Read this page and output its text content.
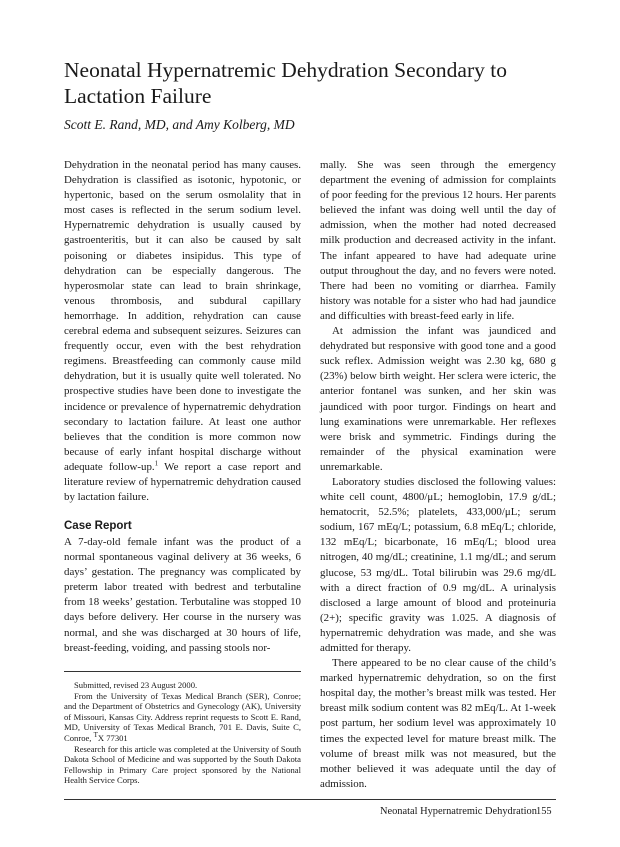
Neonatal Hypernatremic Dehydration Secondary to Lactation Failure
Scott E. Rand, MD, and Amy Kolberg, MD

Dehydration in the neonatal period has many causes. Dehydration is classified as isotonic, hypotonic, or hypertonic, based on the serum osmolality that in most cases is reflected in the serum sodium level. Hypernatremic dehydration is usually caused by gastroenteritis, but it can also be caused by salt poisoning or diabetes insipidus. This type of dehydration can be especially dangerous. The hyperosmolar state can lead to brain shrinkage, venous thrombosis, and subdural capillary hemorrhage. In addition, rehydration can cause cerebral edema and subsequent seizures. Seizures can frequently occur, even with the best rehydration regimens. Breastfeeding can commonly cause mild dehydration, but it is usually quite well tolerated. No prospective studies have been done to investigate the incidence or prevalence of hypernatremic dehydration secondary to lactation failure. At least one author believes that the condition is more common now because of early infant hospital discharge without adequate follow-up.$^1$ We report a case report and literature review of hypernatremic dehydration caused by lactation failure.

Case Report

A 7-day-old female infant was the product of a normal spontaneous vaginal delivery at 36 weeks, 6 days’ gestation. The pregnancy was complicated by preterm labor treated with bedrest and terbutaline from 18 weeks’ gestation. Terbutaline was stopped 10 days before delivery. Her course in the nursery was normal, and she was discharged at 30 hours of life, breast-feeding, voiding, and passing stools nor-

Submitted, revised 23 August 2000.

From the University of Texas Medical Branch (SER), Conroe; and the Department of Obstetrics and Gynecology (AK), University of Missouri, Kansas City. Address reprint requests to Scott E. Rand, MD, University of Texas Medical Branch, 701 E. Davis, Suite C, Conroe, $^T$X 77301

Research for this article was completed at the University of South Dakota School of Medicine and was supported by the South Dakota Fellowship in Primary Care project sponsored by the National Health Service Corps.

mally. She was seen through the emergency department the evening of admission for complaints of poor feeding for the previous 12 hours. Her parents believed the infant was doing well until the day of admission, when the mother had noted decreased milk production and decreased activity in the infant. The infant appeared to have had adequate urine output throughout the day, and no fevers were noted. There had been no vomiting or diarrhea. Family history was notable for a sister who had had jaundice and difficulties with breast-feed early in life.

At admission the infant was jaundiced and dehydrated but responsive with good tone and a good suck reflex. Admission weight was 2.30 kg, 680 g (23%) below birth weight. Her sclera were icteric, the anterior fontanel was sunken, and her skin was jaundiced with poor turgor. Findings on heart and lung examinations were unremarkable. Her reflexes were brisk and symmetric. Findings during the remainder of the physical examination were unremarkable.

Laboratory studies disclosed the following values: white cell count, 4800/μL; hemoglobin, 17.9 g/dL; hematocrit, 52.5%; platelets, 433,000/μL; serum sodium, 167 mEq/L; potassium, 6.8 mEq/L; chloride, 132 mEq/L; bicarbonate, 16 mEq/L; blood urea nitrogen, 40 mg/dL; creatinine, 1.1 mg/dL; and serum glucose, 53 mg/dL. Total bilirubin was 29.6 mg/dL with a direct fraction of 0.9 mg/dL. A urinalysis disclosed a large amount of blood and proteinuria (2+); specific gravity was 1.025. A diagnosis of hypernatremic dehydration was made, and she was admitted for therapy.

There appeared to be no clear cause of the child’s marked hypernatremic dehydration, so on the first hospital day, the mother’s breast milk was tested. Her breast milk sodium content was 82 mEq/L. At 1-week post partum, her sodium level was approximately 10 times the expected level for mature breast milk. The volume of breast milk was not measured, but the mother believed it was adequate until the day of admission.

Neonatal Hypernatremic Dehydration 155
